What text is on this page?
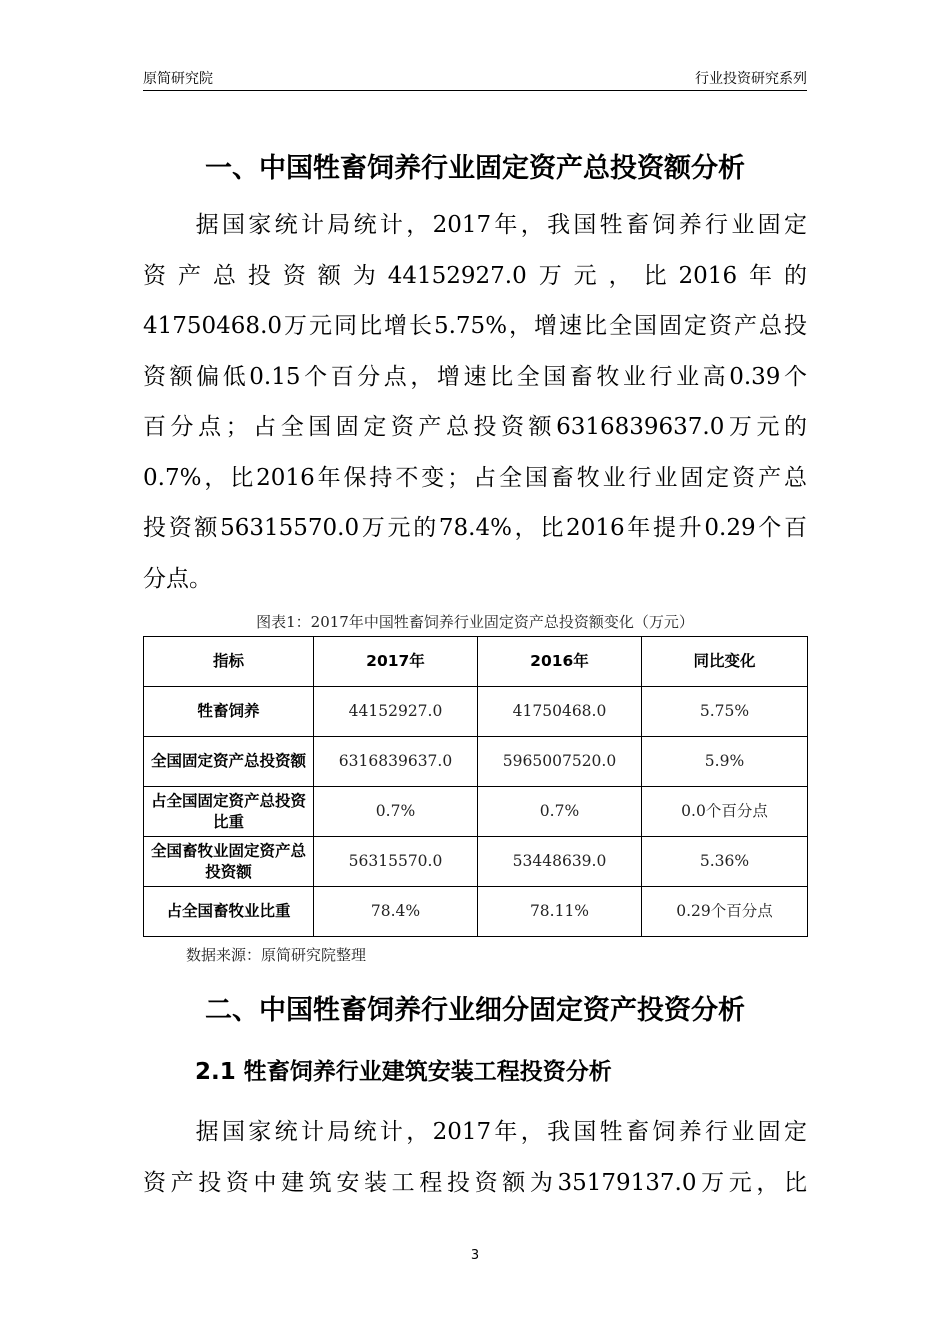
原简研究院	行业投资研究系列
一、中国牲畜饲养行业固定资产总投资额分析
　　据国家统计局统计，2017年，我国牲畜饲养行业固定
资产总投资额为44152927.0万元，比2016年的
41750468.0万元同比增长5.75%，增速比全国固定资产总投
资额偏低0.15个百分点，增速比全国畜牧业行业高0.39个
百分点；占全国固定资产总投资额6316839637.0万元的
0.7%，比2016年保持不变；占全国畜牧业行业固定资产总
投资额56315570.0万元的78.4%，比2016年提升0.29个百
分点。
图表1：2017年中国牲畜饲养行业固定资产总投资额变化（万元）
指标	2017年	2016年	同比变化
牲畜饲养	44152927.0	41750468.0	5.75%
全国固定资产总投资额	6316839637.0	5965007520.0	5.9%
占全国固定资产总投资比重	0.7%	0.7%	0.0个百分点
全国畜牧业固定资产总投资额	56315570.0	53448639.0	5.36%
占全国畜牧业比重	78.4%	78.11%	0.29个百分点
数据来源：原简研究院整理
二、中国牲畜饲养行业细分固定资产投资分析
2.1 牲畜饲养行业建筑安装工程投资分析
　　据国家统计局统计，2017年，我国牲畜饲养行业固定
资产投资中建筑安装工程投资额为35179137.0万元，比
3
